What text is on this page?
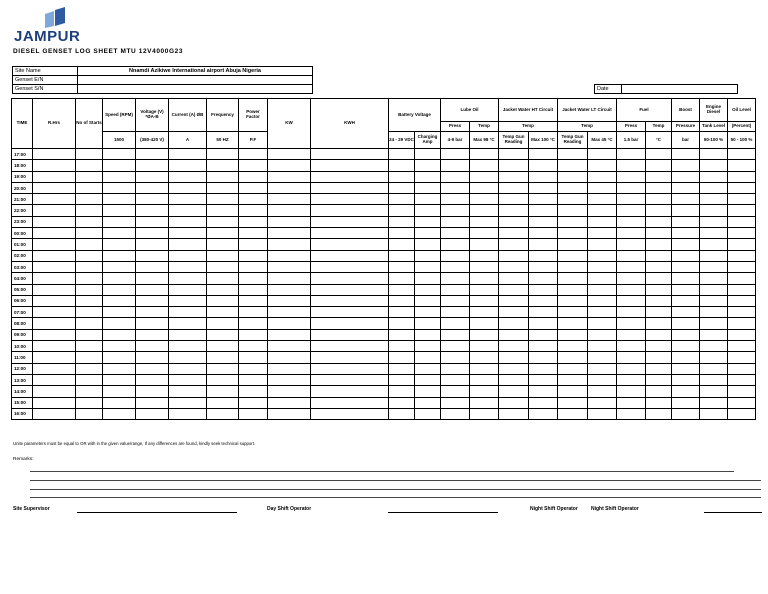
JAMPUR
DIESEL GENSET LOG SHEET MTU 12V4000G23
Site Name	Nnamdi Azikiwe International airport Abuja Nigeria
Genset E/N	
Genset S/N		Date
TIME	R.Hrs	No of Starts	Speed (RPM)	Voltage (V) *ØA-B	Current (A) ØB	Frequency	Power Factor	KW	KWH	Battery Voltage		Lube Oil		Jacket Water HT Circuit		Jacket Water LT Circuit		Fuel		Boost	Engine Diesel	Oil Level
												Press	Temp	Temp		Temp		Press	Temp	Pressure	Tank Level	(Percent)
			1500	(380-420 V)	A	50 HZ	P.F			24 - 29 VDC	Charging Amp	4-9 bar	Max 98 °C	Temp Gun Reading	Max 100 °C	Temp Gun Reading	Max 45 °C	1.5 bar	°C	bar	50-100 %	50 - 100 %
17:00																						
18:00																						
19:00																						
20:00																						
21:00																						
22:00																						
23:00																						
00:00																						
01:00																						
02:00																						
03:00																						
04:00																						
05:00																						
06:00																						
07:00																						
08:00																						
09:00																						
10:00																						
11:00																						
12:00																						
13:00																						
14:00																						
15:00																						
16:00																						
Unite parameters must be equal to OR with in the given value/range, If any differences are found, kindly seek technical support.
Remarks:
Site Supervisor	Day Shift Operator	Night Shift Operator	Night Shift Operator
